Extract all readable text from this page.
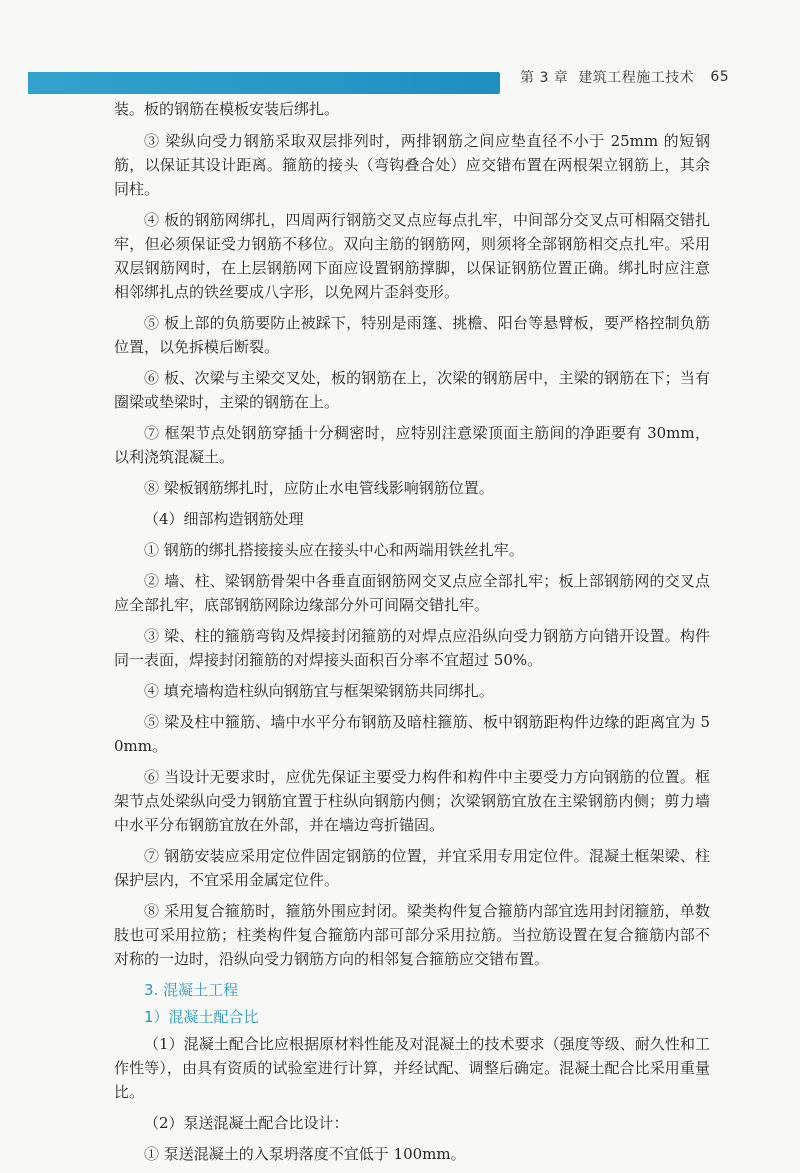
第 3 章 建筑工程施工技术 65

装。板的钢筋在模板安装后绑扎。

③ 梁纵向受力钢筋采取双层排列时，两排钢筋之间应垫直径不小于 25mm 的短钢筋，以保证其设计距离。箍筋的接头（弯钩叠合处）应交错布置在两根架立钢筋上，其余同柱。

④ 板的钢筋网绑扎，四周两行钢筋交叉点应每点扎牢，中间部分交叉点可相隔交错扎牢，但必须保证受力钢筋不移位。双向主筋的钢筋网，则须将全部钢筋相交点扎牢。采用双层钢筋网时，在上层钢筋网下面应设置钢筋撑脚，以保证钢筋位置正确。绑扎时应注意相邻绑扎点的铁丝要成八字形，以免网片歪斜变形。

⑤ 板上部的负筋要防止被踩下，特别是雨篷、挑檐、阳台等悬臂板，要严格控制负筋位置，以免拆模后断裂。

⑥ 板、次梁与主梁交叉处，板的钢筋在上，次梁的钢筋居中，主梁的钢筋在下；当有圈梁或垫梁时，主梁的钢筋在上。

⑦ 框架节点处钢筋穿插十分稠密时，应特别注意梁顶面主筋间的净距要有 30mm，以利浇筑混凝土。

⑧ 梁板钢筋绑扎时，应防止水电管线影响钢筋位置。

（4）细部构造钢筋处理

① 钢筋的绑扎搭接接头应在接头中心和两端用铁丝扎牢。

② 墙、柱、梁钢筋骨架中各垂直面钢筋网交叉点应全部扎牢；板上部钢筋网的交叉点应全部扎牢，底部钢筋网除边缘部分外可间隔交错扎牢。

③ 梁、柱的箍筋弯钩及焊接封闭箍筋的对焊点应沿纵向受力钢筋方向错开设置。构件同一表面，焊接封闭箍筋的对焊接头面积百分率不宜超过 50%。

④ 填充墙构造柱纵向钢筋宜与框架梁钢筋共同绑扎。

⑤ 梁及柱中箍筋、墙中水平分布钢筋及暗柱箍筋、板中钢筋距构件边缘的距离宜为 50mm。

⑥ 当设计无要求时，应优先保证主要受力构件和构件中主要受力方向钢筋的位置。框架节点处梁纵向受力钢筋宜置于柱纵向钢筋内侧；次梁钢筋宜放在主梁钢筋内侧；剪力墙中水平分布钢筋宜放在外部，并在墙边弯折锚固。

⑦ 钢筋安装应采用定位件固定钢筋的位置，并宜采用专用定位件。混凝土框架梁、柱保护层内，不宜采用金属定位件。

⑧ 采用复合箍筋时，箍筋外围应封闭。梁类构件复合箍筋内部宜选用封闭箍筋，单数肢也可采用拉筋；柱类构件复合箍筋内部可部分采用拉筋。当拉筋设置在复合箍筋内部不对称的一边时，沿纵向受力钢筋方向的相邻复合箍筋应交错布置。

3. 混凝土工程
1）混凝土配合比

（1）混凝土配合比应根据原材料性能及对混凝土的技术要求（强度等级、耐久性和工作性等），由具有资质的试验室进行计算，并经试配、调整后确定。混凝土配合比采用重量比。

（2）泵送混凝土配合比设计：

① 泵送混凝土的入泵坍落度不宜低于 100mm。
